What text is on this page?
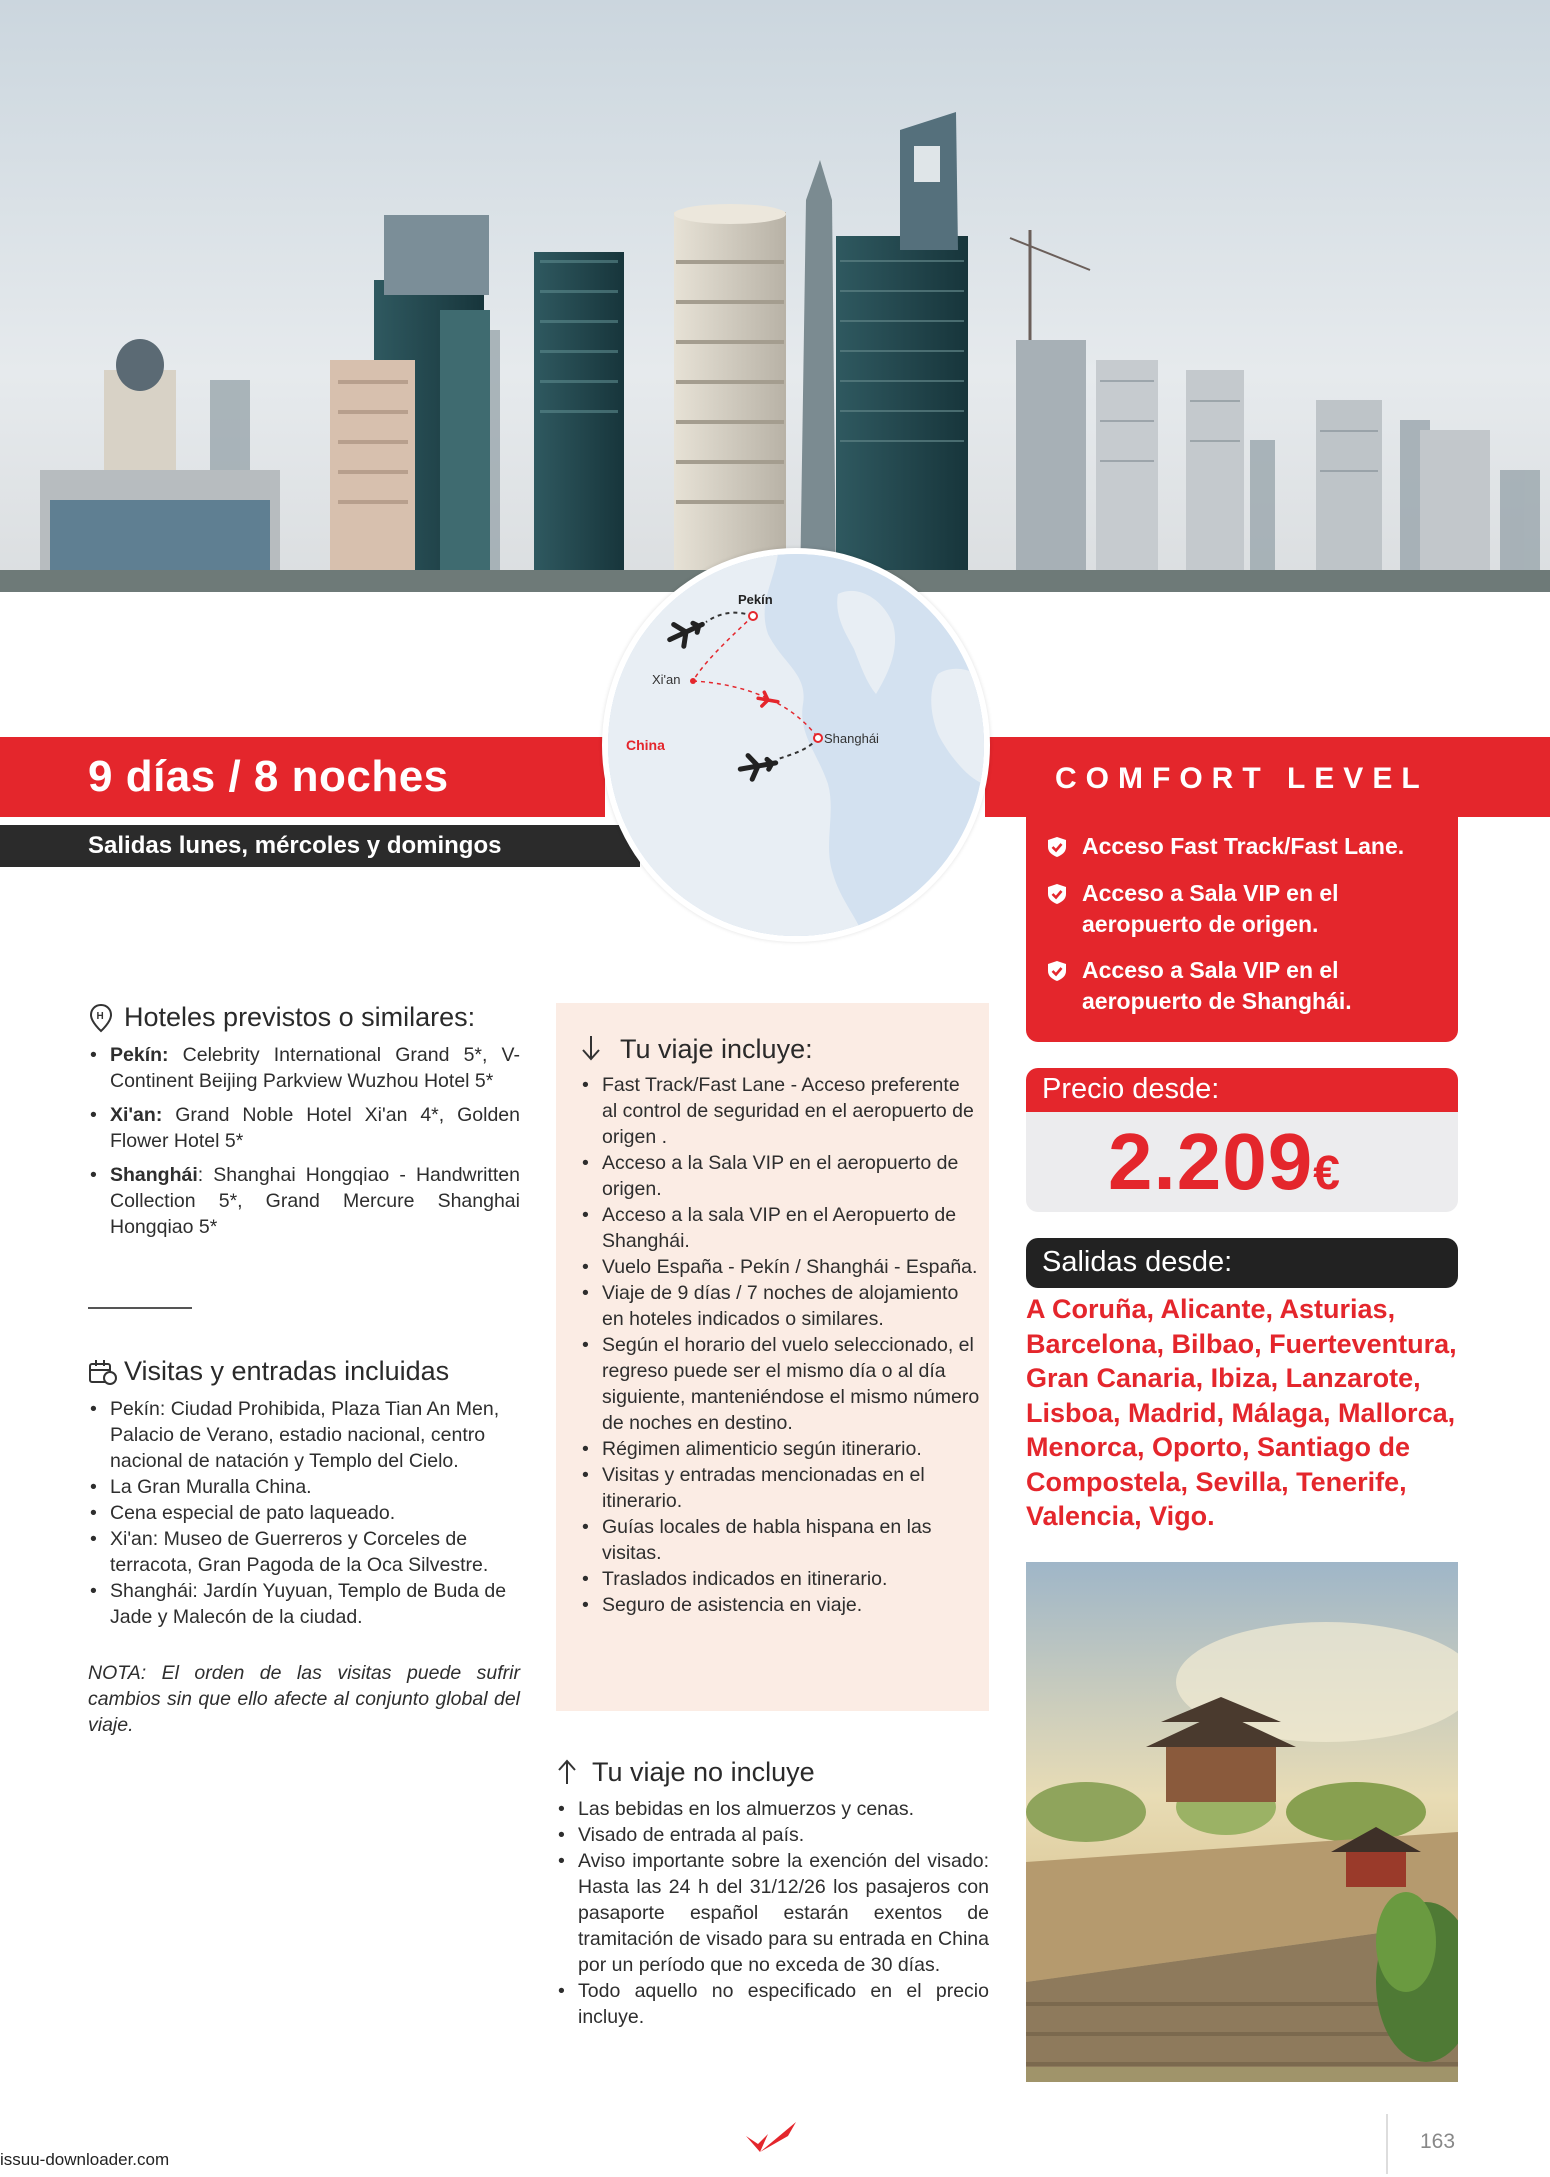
9 días / 8 noches
Salidas lunes, mércoles y domingos
COMFORT LEVEL
Acceso Fast Track/Fast Lane.
Acceso a Sala VIP en el aeropuerto de origen.
Acceso a Sala VIP en el aeropuerto de Shanghái.
Pekín
Xi'an
Shanghái
China
Precio desde:
2.209€
Salidas desde:
A Coruña, Alicante, Asturias, Barcelona, Bilbao, Fuerteventura, Gran Canaria, Ibiza, Lanzarote, Lisboa, Madrid, Málaga, Mallorca, Menorca, Oporto, Santiago de Compostela, Sevilla, Tenerife, Valencia, Vigo.
H Hoteles previstos o similares:
• Pekín: Celebrity International Grand 5*, V-Continent Beijing Parkview Wuzhou Hotel 5*
• Xi'an: Grand Noble Hotel Xi'an 4*, Golden Flower Hotel 5*
• Shanghái: Shanghai Hongqiao - Handwritten Collection 5*, Grand Mercure Shanghai Hongqiao 5*
Visitas y entradas incluidas
• Pekín: Ciudad Prohibida, Plaza Tian An Men, Palacio de Verano, estadio nacional, centro nacional de natación y Templo del Cielo.
• La Gran Muralla China.
• Cena especial de pato laqueado.
• Xi'an: Museo de Guerreros y Corceles de terracota, Gran Pagoda de la Oca Silvestre.
• Shanghái: Jardín Yuyuan, Templo de Buda de Jade y Malecón de la ciudad.
NOTA: El orden de las visitas puede sufrir cambios sin que ello afecte al conjunto global del viaje.
Tu viaje incluye:
• Fast Track/Fast Lane - Acceso preferente al control de seguridad en el aeropuerto de origen .
• Acceso a la Sala VIP en el aeropuerto de origen.
• Acceso a la sala VIP en el Aeropuerto de Shanghái.
• Vuelo España - Pekín / Shanghái - España.
• Viaje de 9 días / 7 noches de alojamiento en hoteles indicados o similares.
• Según el horario del vuelo seleccionado, el regreso puede ser el mismo día o al día siguiente, manteniéndose el mismo número de noches en destino.
• Régimen alimenticio según itinerario.
• Visitas y entradas mencionadas en el itinerario.
• Guías locales de habla hispana en las visitas.
• Traslados indicados en itinerario.
• Seguro de asistencia en viaje.
Tu viaje no incluye
• Las bebidas en los almuerzos y cenas.
• Visado de entrada al país.
• Aviso importante sobre la exención del visado: Hasta las 24 h del 31/12/26 los pasajeros con pasaporte español estarán exentos de tramitación de visado para su entrada en China por un período que no exceda de 30 días.
• Todo aquello no especificado en el precio incluye.
163
issuu-downloader.com
